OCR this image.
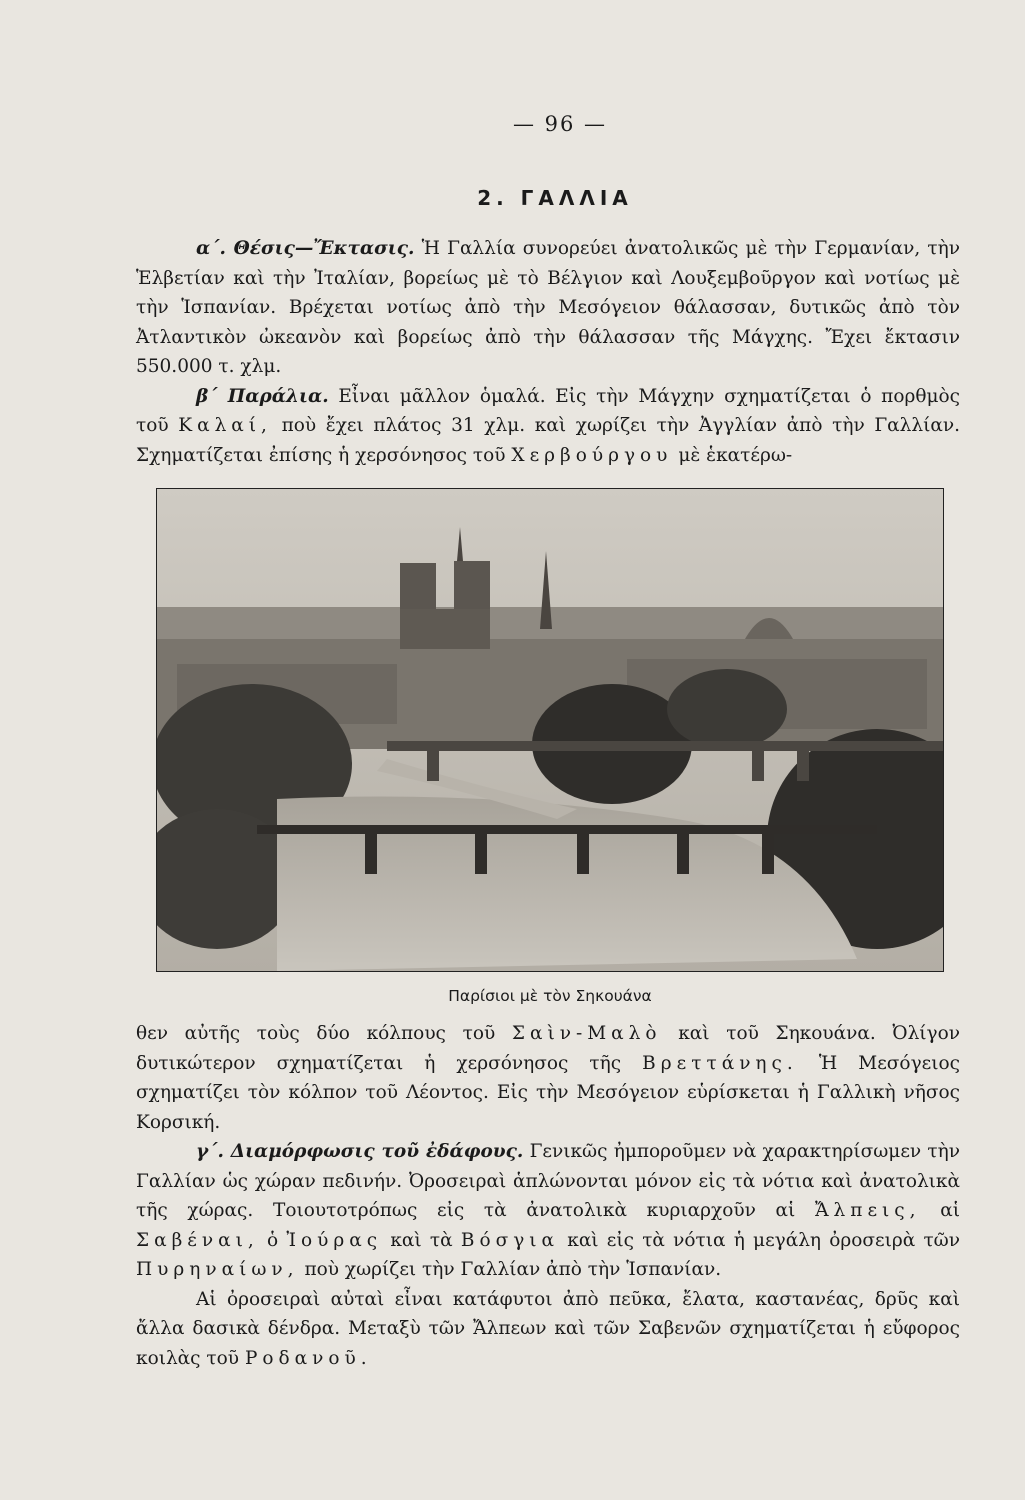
— 96 —
2. ΓΑΛΛΙΑ

α΄. Θέσις—Ἔκτασις. Ἡ Γαλλία συνορεύει ἀνατολικῶς μὲ τὴν Γερμανίαν, τὴν Ἑλβετίαν καὶ τὴν Ἰταλίαν, βορείως μὲ τὸ Βέλγιον καὶ Λουξεμβοῦργον καὶ νοτίως μὲ τὴν Ἱσπανίαν. Βρέχεται νοτίως ἀπὸ τὴν Μεσόγειον θάλασσαν, δυτικῶς ἀπὸ τὸν Ἀτλαντικὸν ὠκεανὸν καὶ βορείως ἀπὸ τὴν θάλασσαν τῆς Μάγχης. Ἔχει ἔκτασιν 550.000 τ. χλμ.

β΄ Παράλια. Εἶναι μᾶλλον ὁμαλά. Εἰς τὴν Μάγχην σχηματίζεται ὁ πορθμὸς τοῦ Καλαί, ποὺ ἔχει πλάτος 31 χλμ. καὶ χωρίζει τὴν Ἀγγλίαν ἀπὸ τὴν Γαλλίαν. Σχηματίζεται ἐπίσης ἡ χερσόνησος τοῦ Χερβούργου μὲ ἑκατέρω-

Παρίσιοι μὲ τὸν Σηκουάνα

θεν αὐτῆς τοὺς δύο κόλπους τοῦ Σαὶν-Μαλὸ καὶ τοῦ Σηκουάνα. Ὀλίγον δυτικώτερον σχηματίζεται ἡ χερσόνησος τῆς Βρεττάνης. Ἡ Μεσόγειος σχηματίζει τὸν κόλπον τοῦ Λέοντος. Εἰς τὴν Μεσόγειον εὑρίσκεται ἡ Γαλλικὴ νῆσος Κορσική.

γ΄. Διαμόρφωσις τοῦ ἐδάφους. Γενικῶς ἠμποροῦμεν νὰ χαρακτηρίσωμεν τὴν Γαλλίαν ὡς χώραν πεδινήν. Ὀροσειραὶ ἁπλώνονται μόνον εἰς τὰ νότια καὶ ἀνατολικὰ τῆς χώρας. Τοιουτοτρόπως εἰς τὰ ἀνατολικὰ κυριαρχοῦν αἱ Ἄλπεις, αἱ Σαβέναι, ὁ Ἰούρας καὶ τὰ Βόσγια καὶ εἰς τὰ νότια ἡ μεγάλη ὀροσειρὰ τῶν Πυρηναίων, ποὺ χωρίζει τὴν Γαλλίαν ἀπὸ τὴν Ἱσπανίαν.

Αἱ ὀροσειραὶ αὐταὶ εἶναι κατάφυτοι ἀπὸ πεῦκα, ἔλατα, καστανέας, δρῦς καὶ ἄλλα δασικὰ δένδρα. Μεταξὺ τῶν Ἄλπεων καὶ τῶν Σαβενῶν σχηματίζεται ἡ εὔφορος κοιλὰς τοῦ Ροδανοῦ.
